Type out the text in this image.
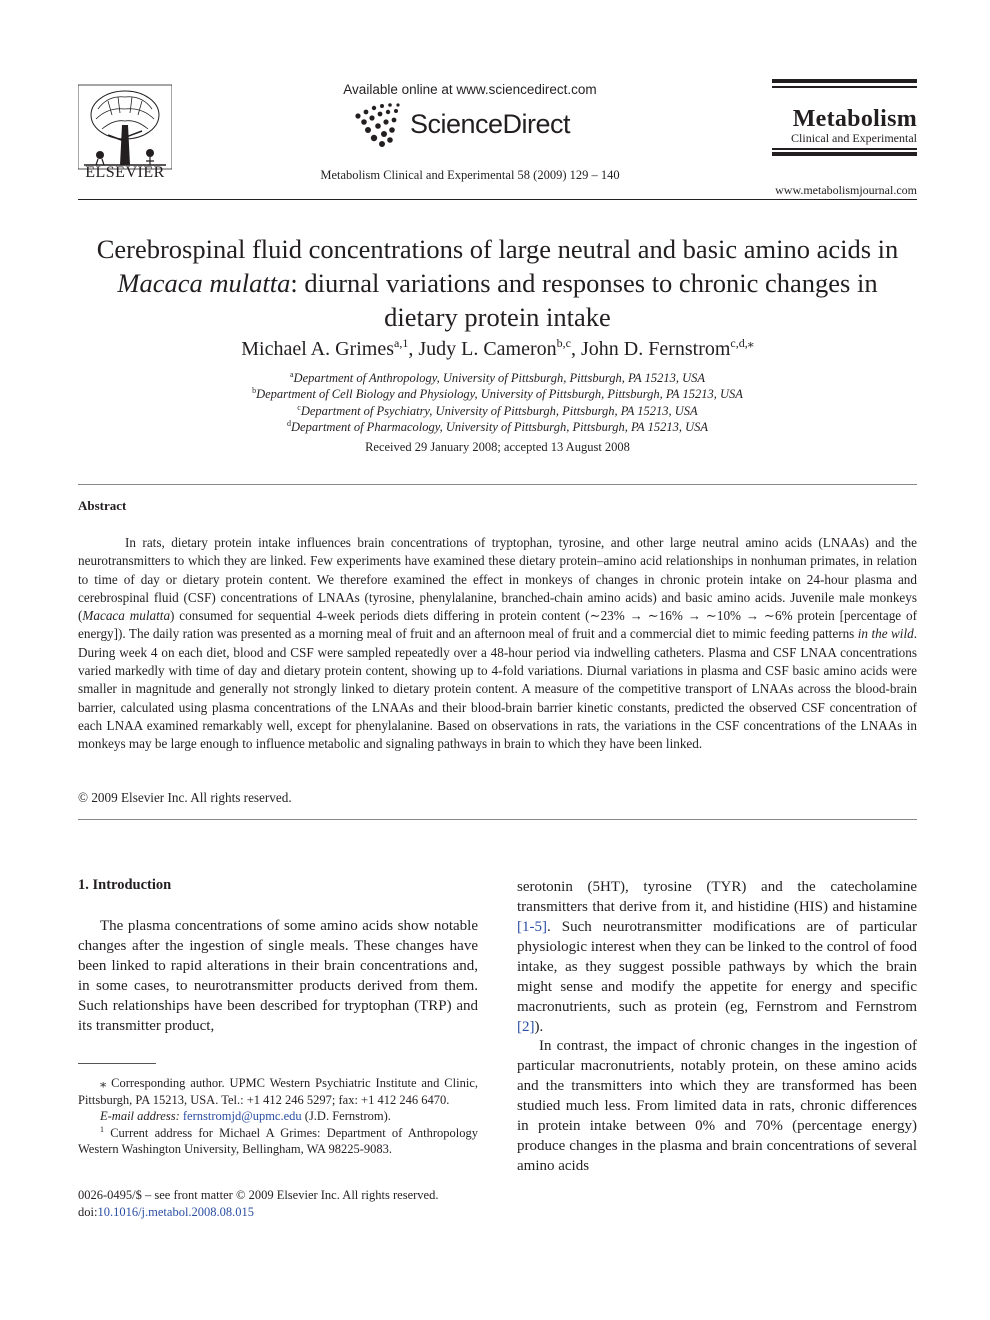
ELSEVIER
Available online at www.sciencedirect.com
ScienceDirect
Metabolism Clinical and Experimental 58 (2009) 129 – 140
Metabolism
Clinical and Experimental
www.metabolismjournal.com
Cerebrospinal fluid concentrations of large neutral and basic amino acids in Macaca mulatta: diurnal variations and responses to chronic changes in dietary protein intake
Michael A. Grimes$^{a,1}$, Judy L. Cameron$^{b,c}$, John D. Fernstrom$^{c,d,⁎}$
$^a$Department of Anthropology, University of Pittsburgh, Pittsburgh, PA 15213, USA
$^b$Department of Cell Biology and Physiology, University of Pittsburgh, Pittsburgh, PA 15213, USA
$^c$Department of Psychiatry, University of Pittsburgh, Pittsburgh, PA 15213, USA
$^d$Department of Pharmacology, University of Pittsburgh, Pittsburgh, PA 15213, USA
Received 29 January 2008; accepted 13 August 2008
Abstract
In rats, dietary protein intake influences brain concentrations of tryptophan, tyrosine, and other large neutral amino acids (LNAAs) and the neurotransmitters to which they are linked. Few experiments have examined these dietary protein–amino acid relationships in nonhuman primates, in relation to time of day or dietary protein content. We therefore examined the effect in monkeys of changes in chronic protein intake on 24-hour plasma and cerebrospinal fluid (CSF) concentrations of LNAAs (tyrosine, phenylalanine, branched-chain amino acids) and basic amino acids. Juvenile male monkeys (Macaca mulatta) consumed for sequential 4-week periods diets differing in protein content (∼23% → ∼16% → ∼10% → ∼6% protein [percentage of energy]). The daily ration was presented as a morning meal of fruit and an afternoon meal of fruit and a commercial diet to mimic feeding patterns in the wild. During week 4 on each diet, blood and CSF were sampled repeatedly over a 48-hour period via indwelling catheters. Plasma and CSF LNAA concentrations varied markedly with time of day and dietary protein content, showing up to 4-fold variations. Diurnal variations in plasma and CSF basic amino acids were smaller in magnitude and generally not strongly linked to dietary protein content. A measure of the competitive transport of LNAAs across the blood-brain barrier, calculated using plasma concentrations of the LNAAs and their blood-brain barrier kinetic constants, predicted the observed CSF concentration of each LNAA examined remarkably well, except for phenylalanine. Based on observations in rats, the variations in the CSF concentrations of the LNAAs in monkeys may be large enough to influence metabolic and signaling pathways in brain to which they have been linked.
© 2009 Elsevier Inc. All rights reserved.
1. Introduction
The plasma concentrations of some amino acids show notable changes after the ingestion of single meals. These changes have been linked to rapid alterations in their brain concentrations and, in some cases, to neurotransmitter products derived from them. Such relationships have been described for tryptophan (TRP) and its transmitter product,
serotonin (5HT), tyrosine (TYR) and the catecholamine transmitters that derive from it, and histidine (HIS) and histamine [1-5]. Such neurotransmitter modifications are of particular physiologic interest when they can be linked to the control of food intake, as they suggest possible pathways by which the brain might sense and modify the appetite for energy and specific macronutrients, such as protein (eg, Fernstrom and Fernstrom [2]).
In contrast, the impact of chronic changes in the ingestion of particular macronutrients, notably protein, on these amino acids and the transmitters into which they are transformed has been studied much less. From limited data in rats, chronic differences in protein intake between 0% and 70% (percentage energy) produce changes in the plasma and brain concentrations of several amino acids

⁎ Corresponding author. UPMC Western Psychiatric Institute and Clinic, Pittsburgh, PA 15213, USA. Tel.: +1 412 246 5297; fax: +1 412 246 6470.

E-mail address: fernstromjd@upmc.edu (J.D. Fernstrom).

$^1$ Current address for Michael A Grimes: Department of Anthropology Western Washington University, Bellingham, WA 98225-9083.

0026-0495/$ – see front matter © 2009 Elsevier Inc. All rights reserved.
doi:10.1016/j.metabol.2008.08.015
